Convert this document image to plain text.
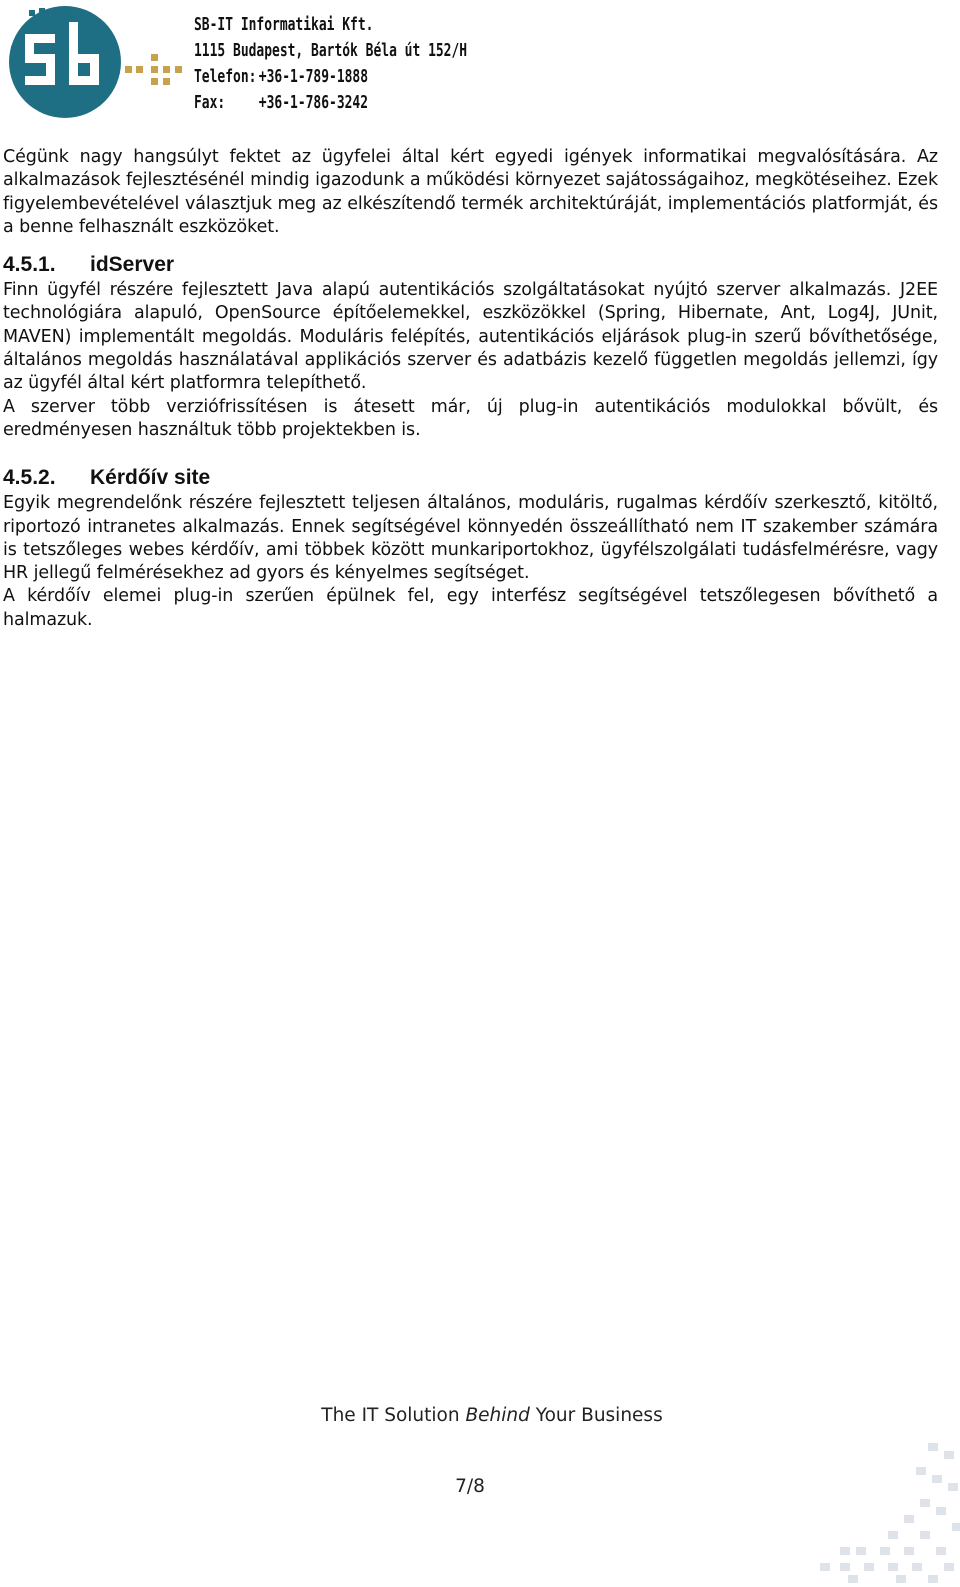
SB-IT Informatikai Kft.
1115 Budapest, Bartók Béla út 152/H
Telefon: +36-1-789-1888
Fax: +36-1-786-3242

Cégünk nagy hangsúlyt fektet az ügyfelei által kért egyedi igények informatikai megvalósítására. Az alkalmazások fejlesztésénél mindig igazodunk a működési környezet sajátosságaihoz, megkötéseihez. Ezek figyelembevételével választjuk meg az elkészítendő termék architektúráját, implementációs platformját, és a benne felhasznált eszközöket.

4.5.1. idServer

Finn ügyfél részére fejlesztett Java alapú autentikációs szolgáltatásokat nyújtó szerver alkalmazás. J2EE technológiára alapuló, OpenSource építőelemekkel, eszközökkel (Spring, Hibernate, Ant, Log4J, JUnit, MAVEN) implementált megoldás. Moduláris felépítés, autentikációs eljárások plug-in szerű bővíthetősége, általános megoldás használatával applikációs szerver és adatbázis kezelő független megoldás jellemzi, így az ügyfél által kért platformra telepíthető.

A szerver több verziófrissítésen is átesett már, új plug-in autentikációs modulokkal bővült, és eredményesen használtuk több projektekben is.

4.5.2. Kérdőív site

Egyik megrendelőnk részére fejlesztett teljesen általános, moduláris, rugalmas kérdőív szerkesztő, kitöltő, riportozó intranetes alkalmazás. Ennek segítségével könnyedén összeállítható nem IT szakember számára is tetszőleges webes kérdőív, ami többek között munkariportokhoz, ügyfélszolgálati tudásfelmérésre, vagy HR jellegű felmérésekhez ad gyors és kényelmes segítséget.

A kérdőív elemei plug-in szerűen épülnek fel, egy interfész segítségével tetszőlegesen bővíthető a halmazuk.

The IT Solution Behind Your Business
7/8
